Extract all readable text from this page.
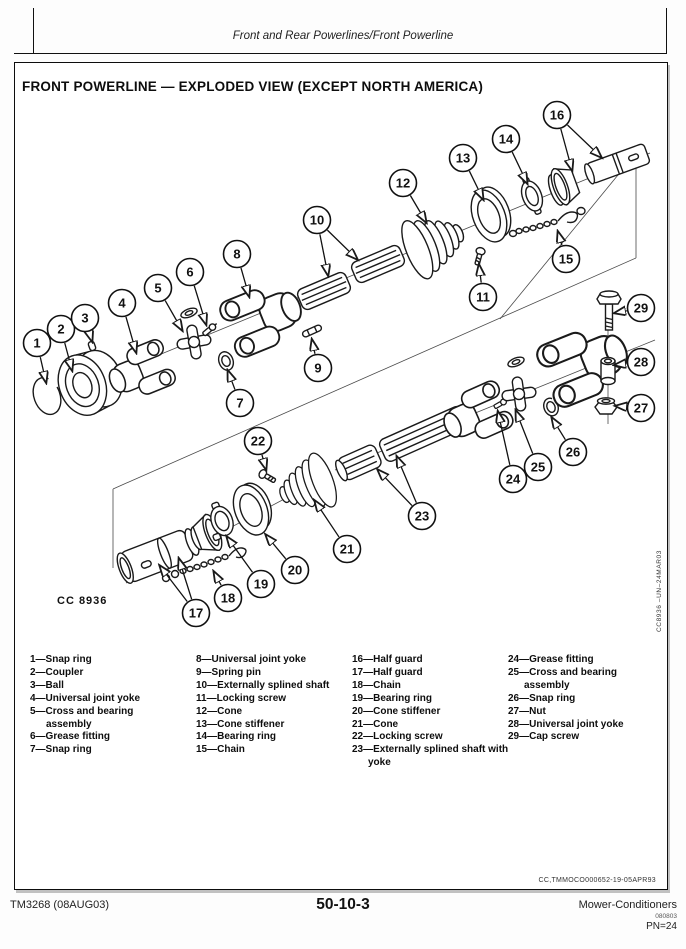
Front and Rear Powerlines/Front Powerline
FRONT POWERLINE — EXPLODED VIEW (EXCEPT NORTH AMERICA)
1
2
3
4
5
6
7
8
9
10
11
12
13
14
15
16
17
18
19
20
21
22
23
24
25
26
27
28
29
CC 8936	CC8936 –UN–24MAR03
CC,TMMOCO000652-19-05APR93
1—Snap ring
2—Coupler
3—Ball
4—Universal joint yoke
5—Cross and bearing assembly
6—Grease fitting
7—Snap ring
8—Universal joint yoke
9—Spring pin
10—Externally splined shaft
11—Locking screw
12—Cone
13—Cone stiffener
14—Bearing ring
15—Chain
16—Half guard
17—Half guard
18—Chain
19—Bearing ring
20—Cone stiffener
21—Cone
22—Locking screw
23—Externally splined shaft with yoke
24—Grease fitting
25—Cross and bearing assembly
26—Snap ring
27—Nut
28—Universal joint yoke
29—Cap screw
TM3268 (08AUG03)	50-10-3	Mower-Conditioners
080803
PN=24
